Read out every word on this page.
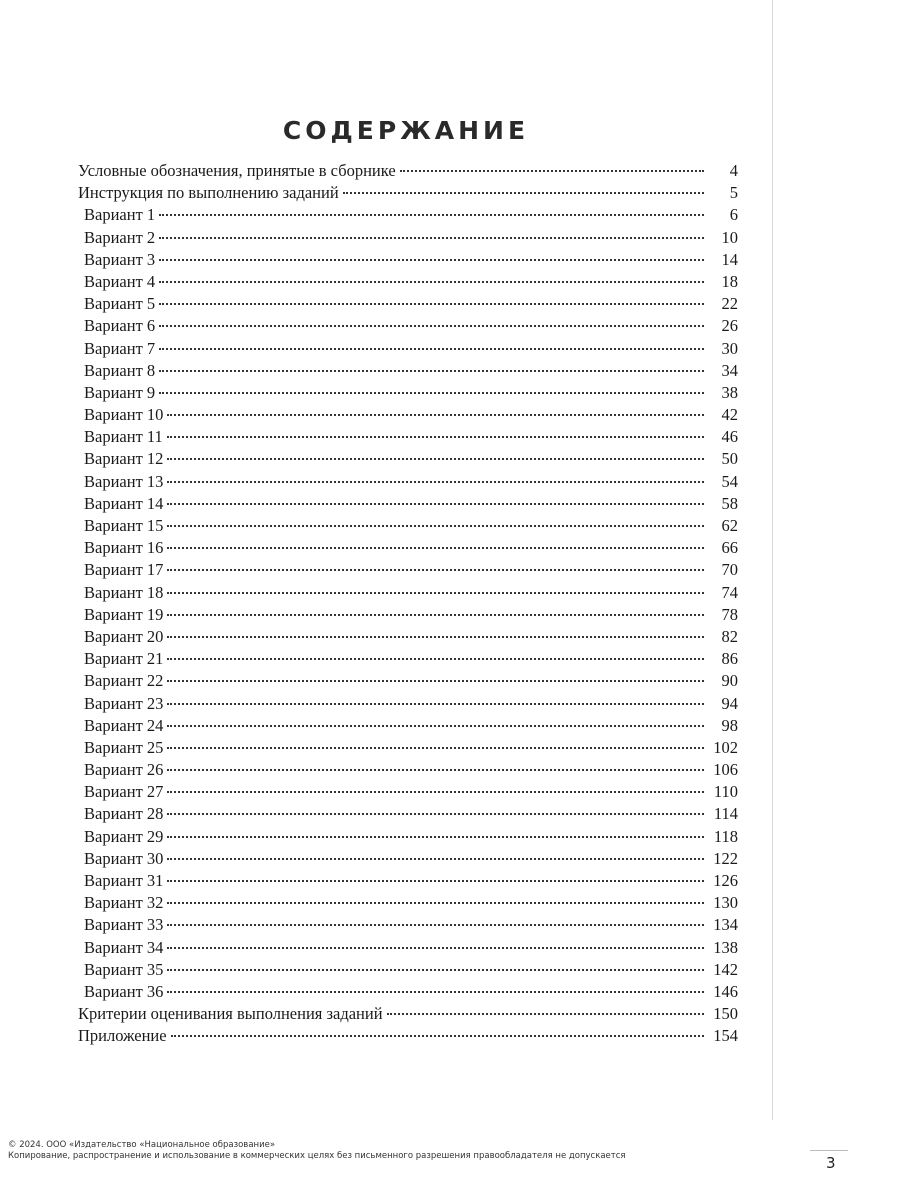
СОДЕРЖАНИЕ
Условные обозначения, принятые в сборнике	4
Инструкция по выполнению заданий	5
Вариант 1	6
Вариант 2	10
Вариант 3	14
Вариант 4	18
Вариант 5	22
Вариант 6	26
Вариант 7	30
Вариант 8	34
Вариант 9	38
Вариант 10	42
Вариант 11	46
Вариант 12	50
Вариант 13	54
Вариант 14	58
Вариант 15	62
Вариант 16	66
Вариант 17	70
Вариант 18	74
Вариант 19	78
Вариант 20	82
Вариант 21	86
Вариант 22	90
Вариант 23	94
Вариант 24	98
Вариант 25	102
Вариант 26	106
Вариант 27	110
Вариант 28	114
Вариант 29	118
Вариант 30	122
Вариант 31	126
Вариант 32	130
Вариант 33	134
Вариант 34	138
Вариант 35	142
Вариант 36	146
Критерии оценивания выполнения заданий	150
Приложение	154
© 2024. ООО «Издательство «Национальное образование»
Копирование, распространение и использование в коммерческих целях без письменного разрешения правообладателя не допускается	3
